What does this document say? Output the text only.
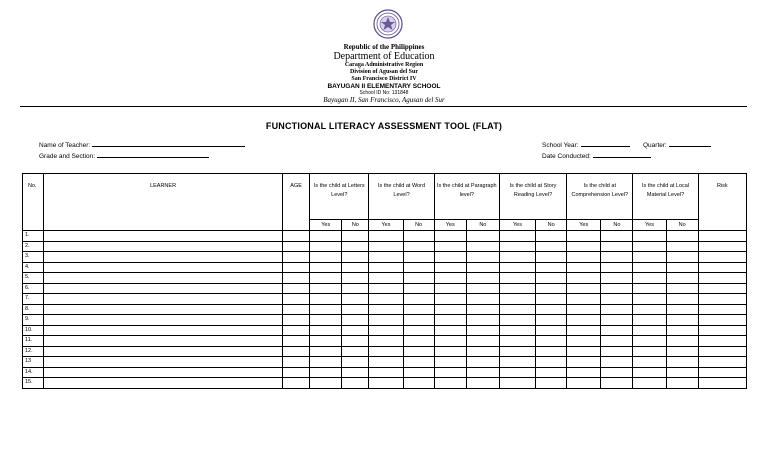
Republic of the Philippines
Department of Education
Caraga Administrative Region
Division of Agusan del Sur
San Francisco District IV
BAYUGAN II ELEMENTARY SCHOOL
School ID No: 131848
Bayugan II, San Francisco, Agusan del Sur
FUNCTIONAL LITERACY ASSESSMENT TOOL (FLAT)
Name of Teacher:
Grade and Section:
School Year:	Quarter:
Date Conducted:
No.	LEARNER	AGE	Is the child at Letters Level?		Is the child at Word Level?		Is the child at Paragraph level?		Is the child at Story Reading Level?		Is the child at Comprehension Level?		Is the child at Local Material Level?		Risk
			Yes	No	Yes	No	Yes	No	Yes	No	Yes	No	Yes	No	
1.															
2.															
3.															
4.															
5.															
6.															
7.															
8.															
9.															
10.															
11.															
12.															
13															
14.															
15.															
